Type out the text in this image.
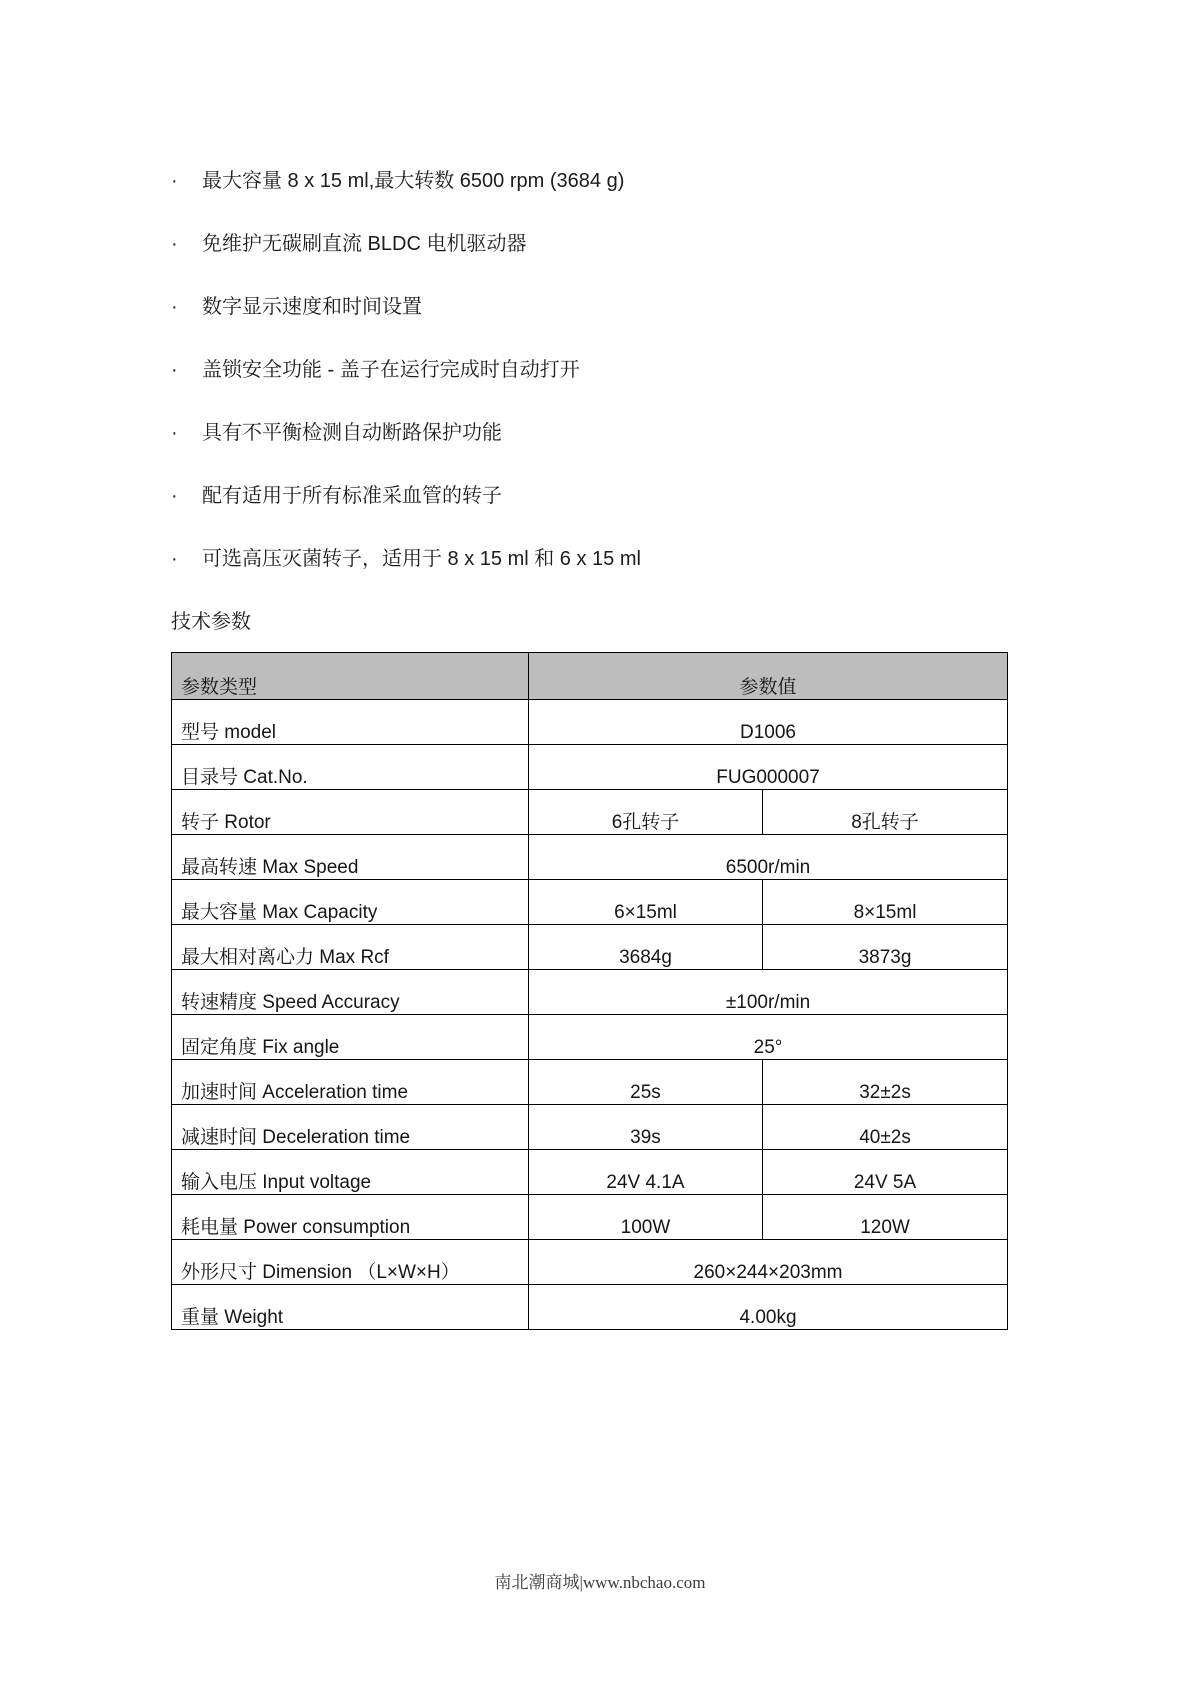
·	最大容量 8 x 15 ml,最大转数 6500 rpm (3684 g)
·	免维护无碳刷直流 BLDC 电机驱动器
·	数字显示速度和时间设置
·	盖锁安全功能 - 盖子在运行完成时自动打开
·	具有不平衡检测自动断路保护功能
·	配有适用于所有标准采血管的转子
·	可选高压灭菌转子，适用于 8 x 15 ml 和 6 x 15 ml
技术参数
参数类型	参数值	
型号 model	D1006	
目录号 Cat.No.	FUG000007	
转子 Rotor	6孔转子	8孔转子
最高转速 Max Speed	6500r/min	
最大容量 Max Capacity	6×15ml	8×15ml
最大相对离心力 Max Rcf	3684g	3873g
转速精度 Speed Accuracy	±100r/min	
固定角度 Fix angle	25°	
加速时间 Acceleration time	25s	32±2s
减速时间 Deceleration time	39s	40±2s
输入电压 Input voltage	24V 4.1A	24V 5A
耗电量 Power consumption	100W	120W
外形尺寸 Dimension （L×W×H）	260×244×203mm	
重量 Weight	4.00kg	
南北潮商城|www.nbchao.com
